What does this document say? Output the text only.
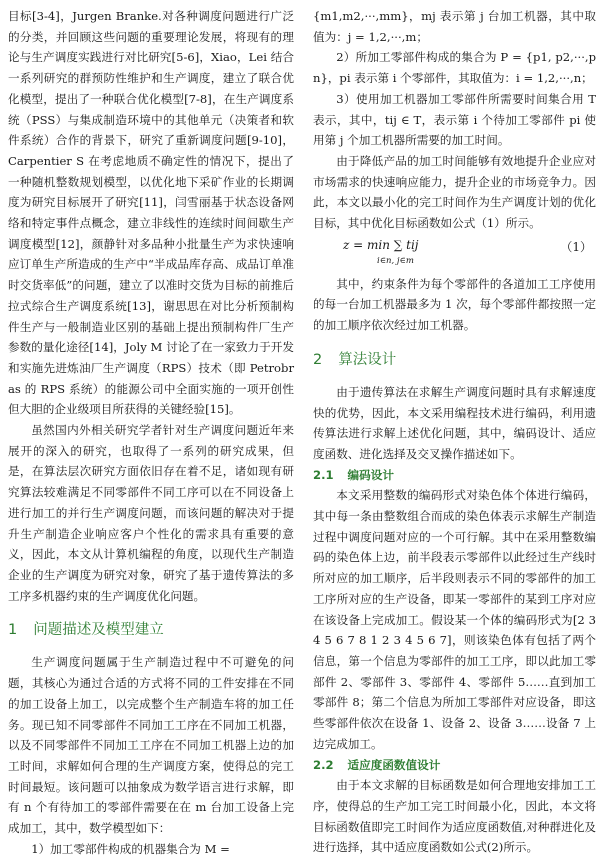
目标[3-4]，Jurgen Branke.对各种调度问题进行广泛的分类，并回顾这些问题的重要理论发展，将现有的理论与生产调度实践进行对比研究[5-6]，Xiao，Lei 结合一系列研究的群预防性维护和生产调度，建立了联合优化模型，提出了一种联合优化模型[7-8]，在生产调度系统（PSS）与集成制造环境中的其他单元（决策者和软件系统）合作的背景下，研究了重新调度问题[9-10]，Carpentier S 在考虑地质不确定性的情况下，提出了一种随机整数规划模型，以优化地下采矿作业的长期调度为研究目标展开了研究[11]，闫雪丽基于状态设备网络和特定事件点概念，建立非线性的连续时间间歇生产调度模型[12]，颜静针对多品种小批量生产为求快速响应订单生产所造成的生产中“半成品库存高、成品订单准时交货率低”的问题，建立了以准时交货为目标的前推后拉式综合生产调度系统[13]，谢思思在对比分析预制构件生产与一般制造业区别的基础上提出预制构件厂生产参数的量化途径[14]，Joly M 讨论了在一家致力于开发和实施先进炼油厂生产调度（RPS）技术（即 Petrobras 的 RPS 系统）的能源公司中全面实施的一项开创性但大胆的企业级项目所获得的关键经验[15]。

虽然国内外相关研究学者针对生产调度问题近年来展开的深入的研究，也取得了一系列的研究成果，但是，在算法层次研究方面依旧存在着不足，诸如现有研究算法较难满足不同零部件不同工序可以在不同设备上进行加工的并行生产调度问题，而该问题的解决对于提升生产制造企业响应客户个性化的需求具有重要的意义，因此，本文从计算机编程的角度，以现代生产制造企业的生产调度为研究对象，研究了基于遗传算法的多工序多机器约束的生产调度优化问题。

1 问题描述及模型建立

生产调度问题属于生产制造过程中不可避免的问题，其核心为通过合适的方式将不同的工件安排在不同的加工设备上加工，以完成整个生产制造车将的加工任务。现已知不同零部件不同加工工序在不同加工机器，以及不同零部件不同加工工序在不同加工机器上边的加工时间，求解如何合理的生产调度方案，使得总的完工时间最短。该问题可以抽象成为数学语言进行求解，即有 n 个有待加工的零部件需要在在 m 台加工设备上完成加工，其中，数学模型如下：

1）加工零部件构成的机器集合为 M =

{m1,m2,···,mm}，mj 表示第 j 台加工机器，其中取值为：j = 1,2,···,m；

2）所加工零部件构成的集合为 P = {p1, p2,···,pn}，pi 表示第 i 个零部件，其取值为：i = 1,2,···,n；

3）使用加工机器加工零部件所需要时间集合用 T 表示，其中，tij ∈ T，表示第 i 个待加工零部件 pi 使用第 j 个加工机器所需要的加工时间。

由于降低产品的加工时间能够有效地提升企业应对市场需求的快速响应能力，提升企业的市场竞争力。因此，本文以最小化的完工时间作为生产调度计划的优化目标，其中优化目标函数如公式（1）所示。

z = min ∑ tij
i∈n, j∈m
（1）

其中，约束条件为每个零部件的各道加工工序使用的每一台加工机器最多为 1 次，每个零部件都按照一定的加工顺序依次经过加工机器。

2 算法设计

由于遗传算法在求解生产调度问题时具有求解速度快的优势，因此，本文采用编程技术进行编码，利用遗传算法进行求解上述优化问题，其中，编码设计、适应度函数、进化选择及交叉操作描述如下。

2.1 编码设计

本文采用整数的编码形式对染色体个体进行编码，其中每一条由整数组合而成的染色体表示求解生产制造过程中调度问题对应的一个可行解。其中在采用整数编码的染色体上边，前半段表示零部件以此经过生产线时所对应的加工顺序，后半段则表示不同的零部件的加工工序所对应的生产设备，即某一零部件的某到工序对应在该设备上完成加工。假设某一个体的编码形式为[2 3 4 5 6 7 8 1 2 3 4 5 6 7]，则该染色体有包括了两个信息，第一个信息为零部件的加工工序，即以此加工零部件 2、零部件 3、零部件 4、零部件 5……直到加工零部件 8；第二个信息为所加工零部件对应设备，即这些零部件依次在设备 1、设备 2、设备 3……设备 7 上边完成加工。

2.2 适应度函数值设计

由于本文求解的目标函数是如何合理地安排加工工序，使得总的生产加工完工时间最小化，因此，本文将目标函数值即完工时间作为适应度函数值,对种群进化及进行选择，其中适应度函数如公式(2)所示。
